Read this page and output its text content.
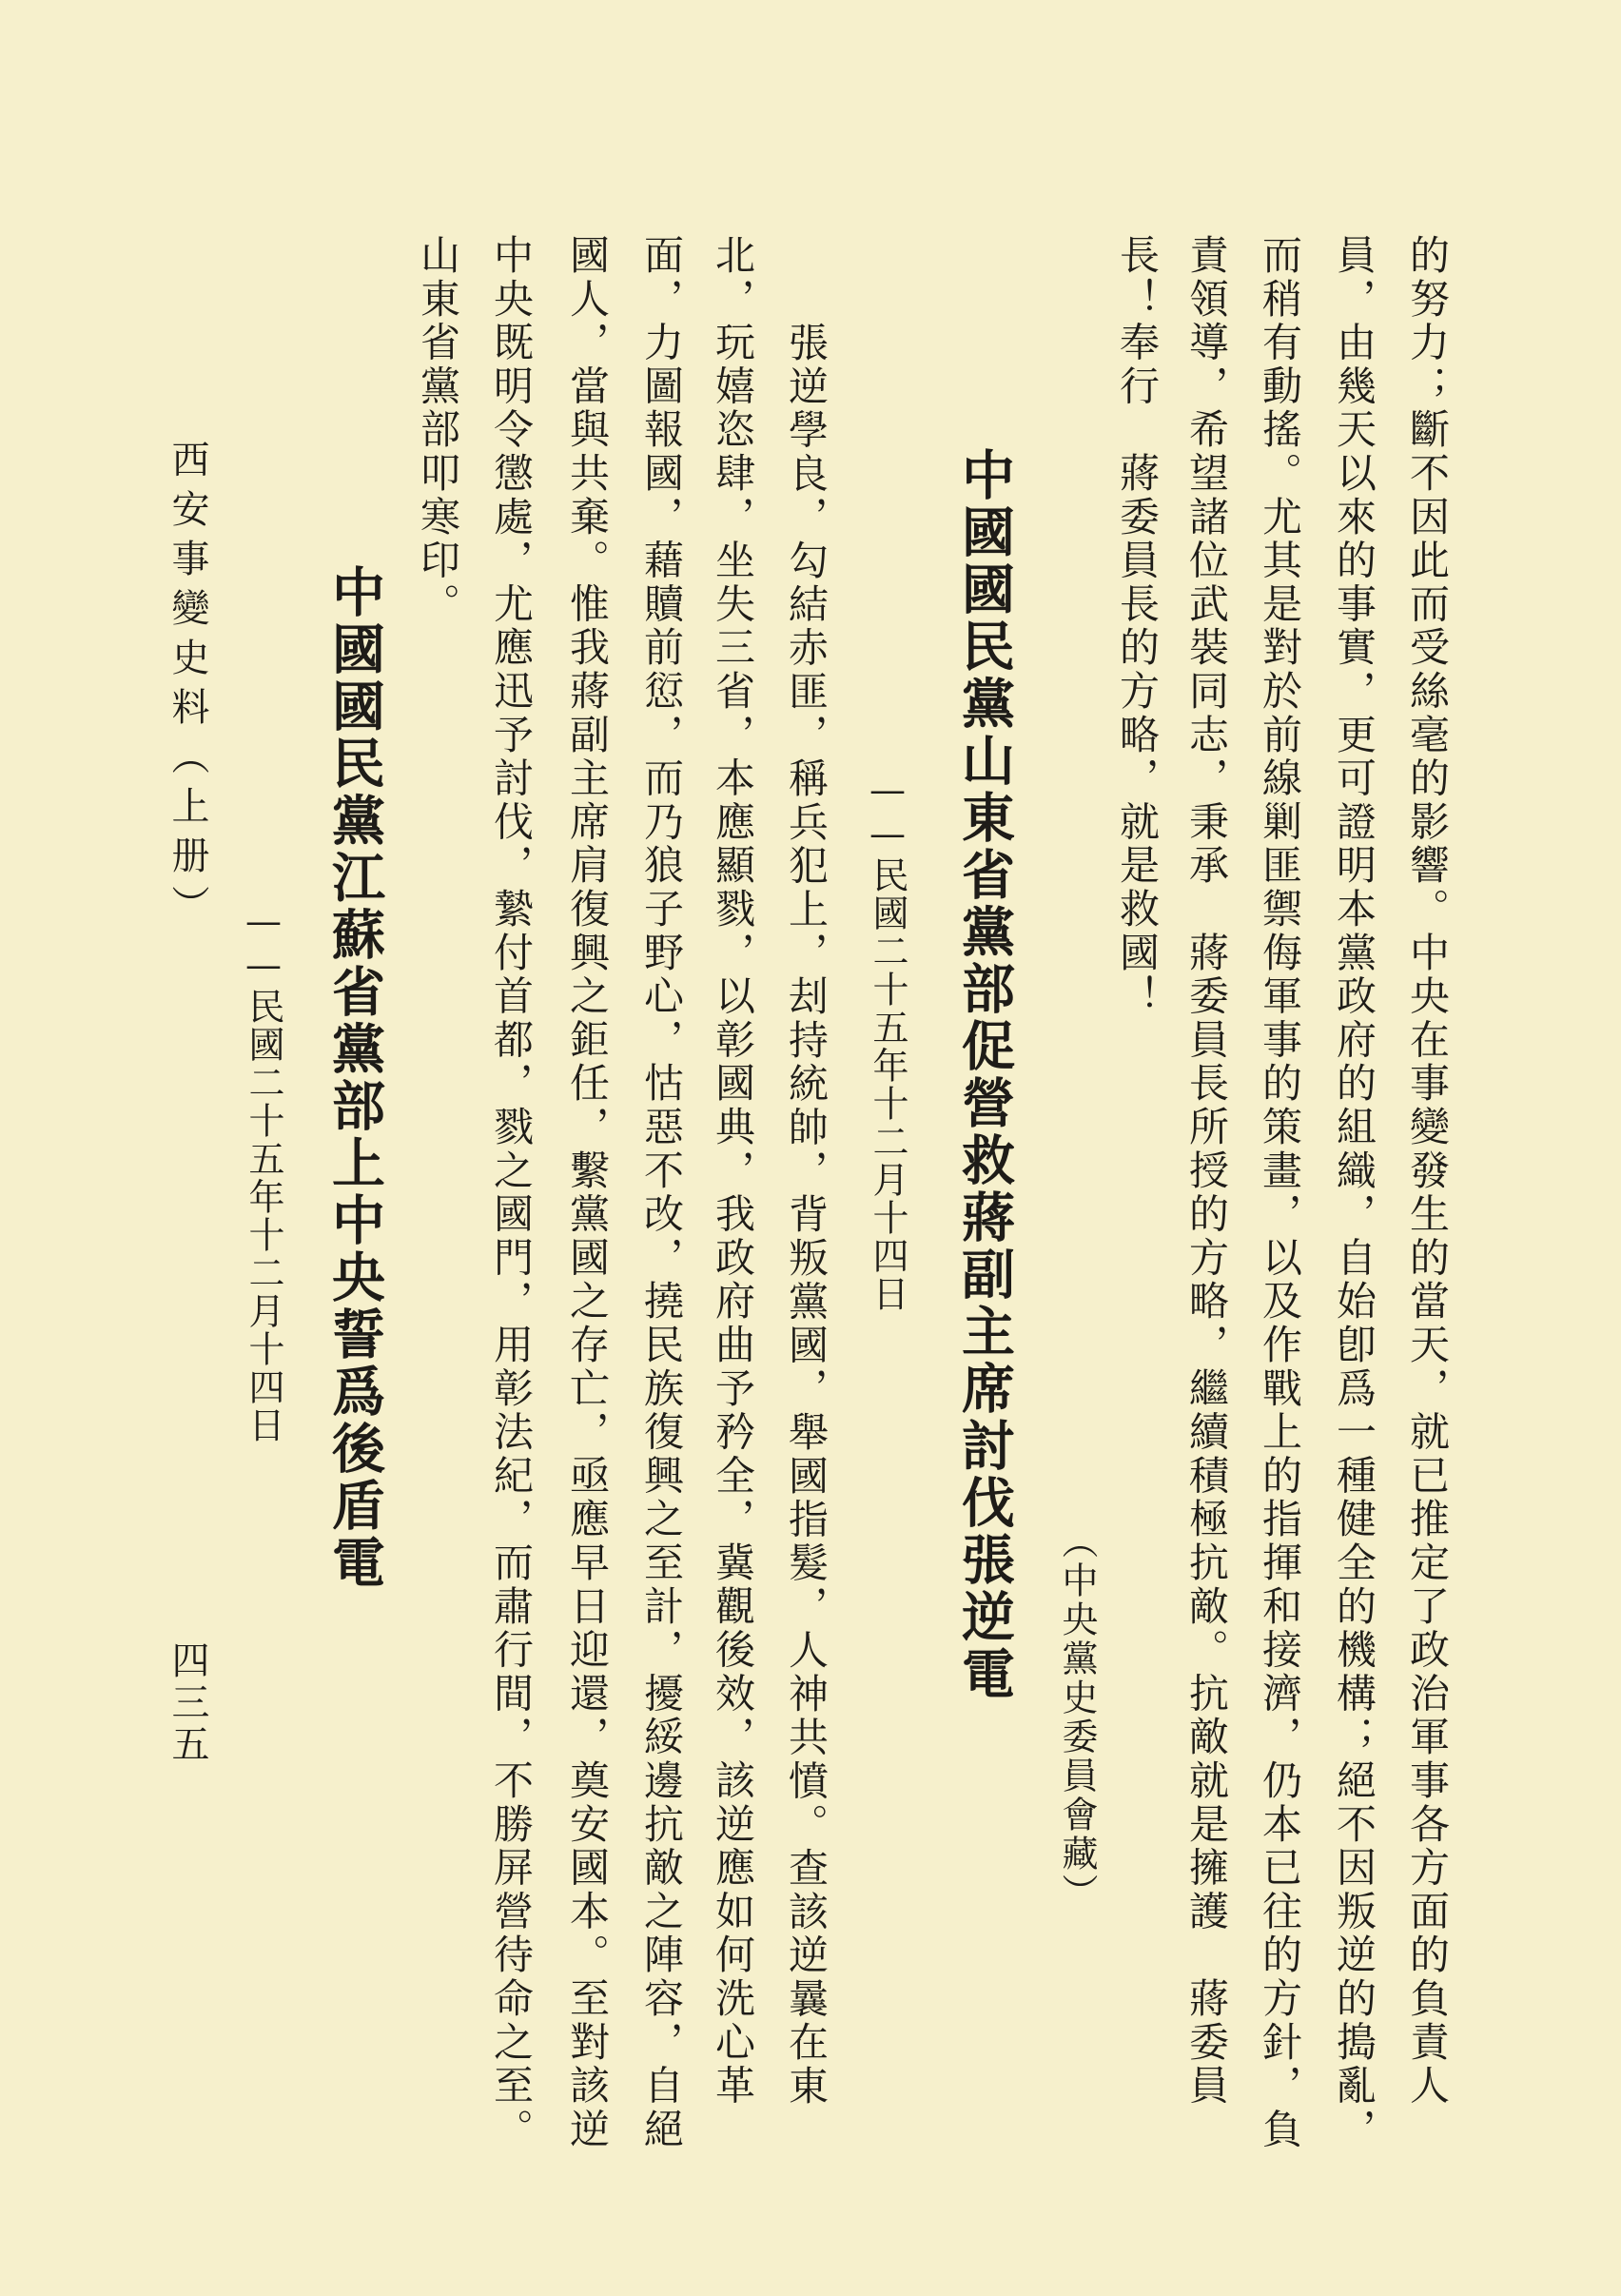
的努力；斷不因此而受絲毫的影響。中央在事變發生的當天，就已推定了政治軍事各方面的負責人
員，由幾天以來的事實，更可證明本黨政府的組織，自始卽爲一種健全的機構；絕不因叛逆的搗亂，
而稍有動搖。尤其是對於前線剿匪禦侮軍事的策畫，以及作戰上的指揮和接濟，仍本已往的方針，負
責領導，希望諸位武裝同志，秉承　蔣委員長所授的方略，繼續積極抗敵。抗敵就是擁護　蔣委員
長！奉行　蔣委員長的方略，就是救國！
（中央黨史委員會藏）
中國國民黨山東省黨部促營救蔣副主席討伐張逆電
——民國二十五年十二月十四日
張逆學良，勾結赤匪，稱兵犯上，刦持統帥，背叛黨國，舉國指髮，人神共憤。查該逆曩在東
北，玩嬉恣肆，坐失三省，本應顯戮，以彰國典，我政府曲予矜全，冀觀後效，該逆應如何洗心革
面，力圖報國，藉贖前愆，而乃狼子野心，怙惡不改，撓民族復興之至計，擾綏邊抗敵之陣容，自絕
國人，當與共棄。惟我蔣副主席肩復興之鉅任，繫黨國之存亡，亟應早日迎還，奠安國本。至對該逆
中央既明令懲處，尤應迅予討伐，縶付首都，戮之國門，用彰法紀，而肅行間，不勝屏營待命之至。
山東省黨部叩寒印。
中國國民黨江蘇省黨部上中央誓爲後盾電
——民國二十五年十二月十四日
西安事變史料（上册）
四三五
